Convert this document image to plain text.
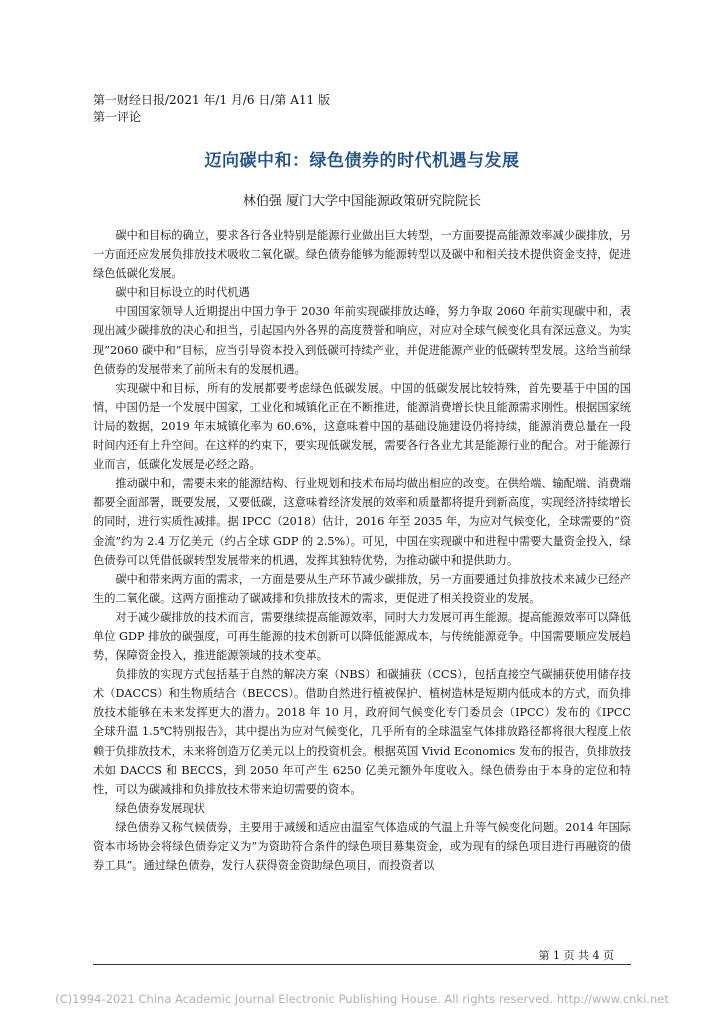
第一财经日报/2021 年/1 月/6 日/第 A11 版
第一评论
迈向碳中和：绿色债券的时代机遇与发展
林伯强 厦门大学中国能源政策研究院院长

碳中和目标的确立，要求各行各业特别是能源行业做出巨大转型，一方面要提高能源效率减少碳排放，另一方面还应发展负排放技术吸收二氧化碳。绿色债券能够为能源转型以及碳中和相关技术提供资金支持，促进绿色低碳化发展。

碳中和目标设立的时代机遇

中国国家领导人近期提出中国力争于 2030 年前实现碳排放达峰，努力争取 2060 年前实现碳中和，表现出减少碳排放的决心和担当，引起国内外各界的高度赞誉和响应，对应对全球气候变化具有深远意义。为实现”2060 碳中和”目标，应当引导资本投入到低碳可持续产业，并促进能源产业的低碳转型发展。这给当前绿色债券的发展带来了前所未有的发展机遇。

实现碳中和目标，所有的发展都要考虑绿色低碳发展。中国的低碳发展比较特殊，首先要基于中国的国情，中国仍是一个发展中国家，工业化和城镇化正在不断推进，能源消费增长快且能源需求刚性。根据国家统计局的数据，2019 年末城镇化率为 60.6%，这意味着中国的基础设施建设仍将持续，能源消费总量在一段时间内还有上升空间。在这样的约束下，要实现低碳发展，需要各行各业尤其是能源行业的配合。对于能源行业而言，低碳化发展是必经之路。

推动碳中和，需要未来的能源结构、行业规划和技术布局均做出相应的改变。在供给端、输配端、消费端都要全面部署，既要发展，又要低碳，这意味着经济发展的效率和质量都将提升到新高度，实现经济持续增长的同时，进行实质性减排。据 IPCC（2018）估计，2016 年至 2035 年，为应对气候变化，全球需要的”资金流”约为 2.4 万亿美元（约占全球 GDP 的 2.5%）。可见，中国在实现碳中和进程中需要大量资金投入，绿色债券可以凭借低碳转型发展带来的机遇，发挥其独特优势，为推动碳中和提供助力。

碳中和带来两方面的需求，一方面是要从生产环节减少碳排放，另一方面要通过负排放技术来减少已经产生的二氧化碳。这两方面推动了碳减排和负排放技术的需求，更促进了相关投资业的发展。

对于减少碳排放的技术而言，需要继续提高能源效率，同时大力发展可再生能源。提高能源效率可以降低单位 GDP 排放的碳强度，可再生能源的技术创新可以降低能源成本，与传统能源竞争。中国需要顺应发展趋势，保障资金投入，推进能源领域的技术变革。

负排放的实现方式包括基于自然的解决方案（NBS）和碳捕获（CCS），包括直接空气碳捕获使用储存技术（DACCS）和生物质结合（BECCS）。借助自然进行植被保护、植树造林是短期内低成本的方式，而负排放技术能够在未来发挥更大的潜力。2018 年 10 月，政府间气候变化专门委员会（IPCC）发布的《IPCC 全球升温 1.5℃特别报告》，其中提出为应对气候变化，几乎所有的全球温室气体排放路径都将很大程度上依赖于负排放技术，未来将创造万亿美元以上的投资机会。根据英国 Vivid Economics 发布的报告，负排放技术如 DACCS 和 BECCS，到 2050 年可产生 6250 亿美元额外年度收入。绿色债券由于本身的定位和特性，可以为碳减排和负排放技术带来迫切需要的资本。

绿色债券发展现状

绿色债券又称气候债券，主要用于减缓和适应由温室气体造成的气温上升等气候变化问题。2014 年国际资本市场协会将绿色债券定义为”为资助符合条件的绿色项目募集资金，或为现有的绿色项目进行再融资的债券工具”。通过绿色债券，发行人获得资金资助绿色项目，而投资者以

第 1 页 共 4 页
(C)1994-2021 China Academic Journal Electronic Publishing House. All rights reserved. http://www.cnki.net
